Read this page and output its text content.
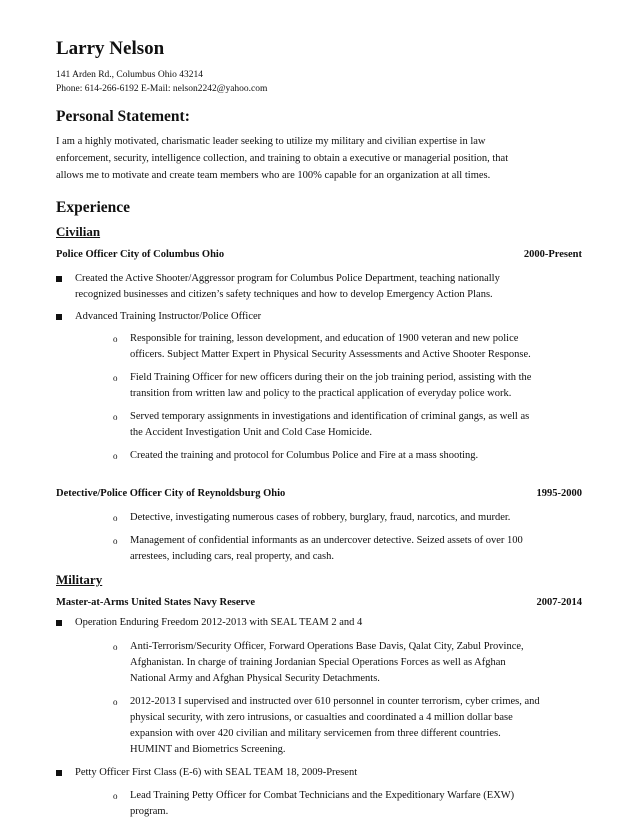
Larry Nelson
141 Arden Rd., Columbus Ohio 43214
Phone: 614-266-6192 E-Mail: nelson2242@yahoo.com
Personal Statement:
I am a highly motivated, charismatic leader seeking to utilize my military and civilian expertise in law
enforcement, security, intelligence collection, and training to obtain a executive or managerial position, that
allows me to motivate and create team members who are 100% capable for an organization at all times.
Experience
Civilian
Police Officer City of Columbus Ohio	2000-Present
Created the Active Shooter/Aggressor program for Columbus Police Department, teaching nationally
recognized businesses and citizen’s safety techniques and how to develop Emergency Action Plans.
Advanced Training Instructor/Police Officer
o Responsible for training, lesson development, and education of 1900 veteran and new police
officers. Subject Matter Expert in Physical Security Assessments and Active Shooter Response.
o Field Training Officer for new officers during their on the job training period, assisting with the
transition from written law and policy to the practical application of everyday police work.
o Served temporary assignments in investigations and identification of criminal gangs, as well as
the Accident Investigation Unit and Cold Case Homicide.
o Created the training and protocol for Columbus Police and Fire at a mass shooting.
Detective/Police Officer City of Reynoldsburg Ohio	1995-2000
o Detective, investigating numerous cases of robbery, burglary, fraud, narcotics, and murder.
o Management of confidential informants as an undercover detective. Seized assets of over 100
arrestees, including cars, real property, and cash.
Military
Master-at-Arms United States Navy Reserve	2007-2014
Operation Enduring Freedom 2012-2013 with SEAL TEAM 2 and 4
o Anti-Terrorism/Security Officer, Forward Operations Base Davis, Qalat City, Zabul Province,
Afghanistan. In charge of training Jordanian Special Operations Forces as well as Afghan
National Army and Afghan Physical Security Detachments.
o 2012-2013 I supervised and instructed over 610 personnel in counter terrorism, cyber crimes, and
physical security, with zero intrusions, or casualties and coordinated a 4 million dollar base
expansion with over 420 civilian and military servicemen from three different countries.
HUMINT and Biometrics Screening.
Petty Officer First Class (E-6) with SEAL TEAM 18, 2009-Present
o Lead Training Petty Officer for Combat Technicians and the Expeditionary Warfare (EXW)
program.
